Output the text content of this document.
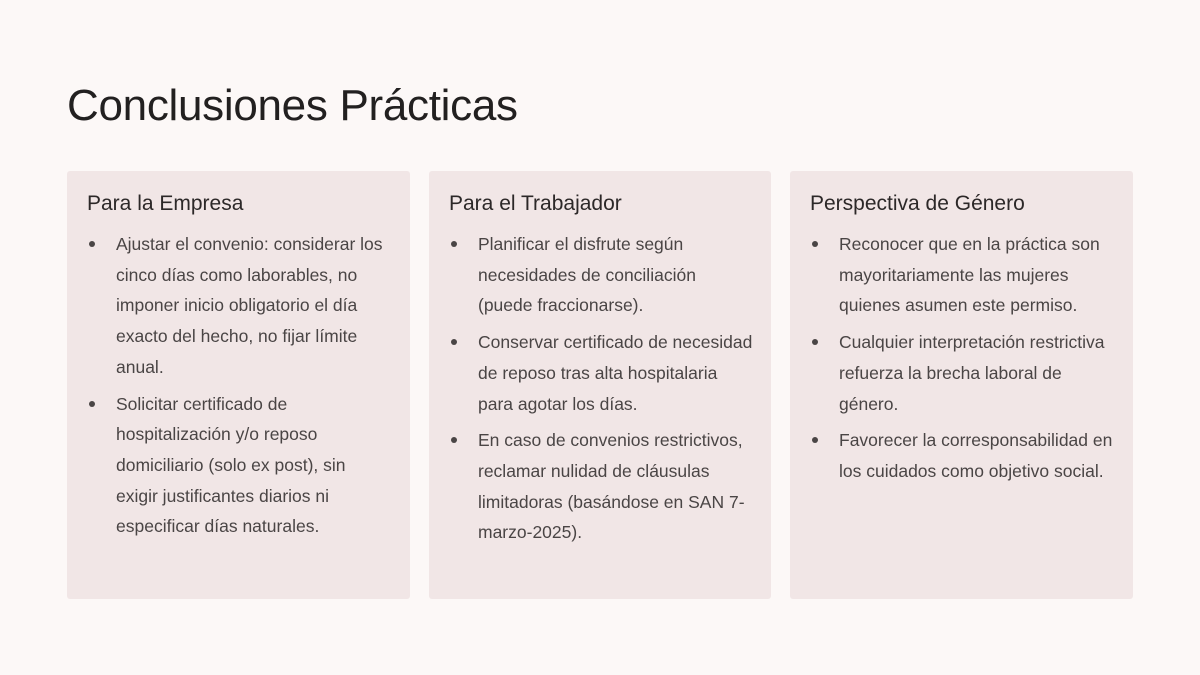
Conclusiones Prácticas
Para la Empresa
Ajustar el convenio: considerar los cinco días como laborables, no imponer inicio obligatorio el día exacto del hecho, no fijar límite anual.
Solicitar certificado de hospitalización y/o reposo domiciliario (solo ex post), sin exigir justificantes diarios ni especificar días naturales.
Para el Trabajador
Planificar el disfrute según necesidades de conciliación (puede fraccionarse).
Conservar certificado de necesidad de reposo tras alta hospitalaria para agotar los días.
En caso de convenios restrictivos, reclamar nulidad de cláusulas limitadoras (basándose en SAN 7-marzo-2025).
Perspectiva de Género
Reconocer que en la práctica son mayoritariamente las mujeres quienes asumen este permiso.
Cualquier interpretación restrictiva refuerza la brecha laboral de género.
Favorecer la corresponsabilidad en los cuidados como objetivo social.
